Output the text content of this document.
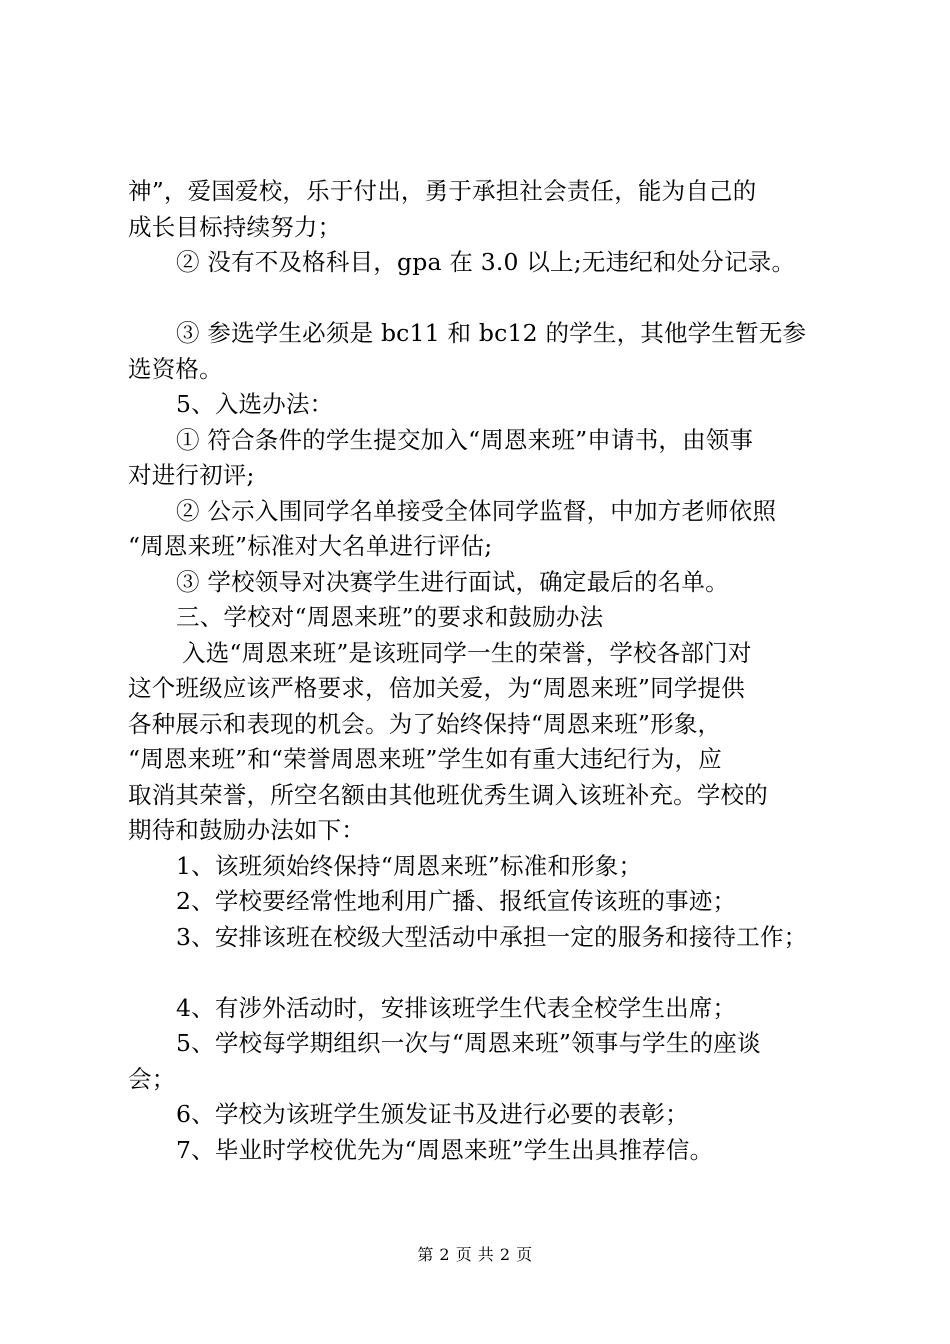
神”，爱国爱校，乐于付出，勇于承担社会责任，能为自己的
成长目标持续努力；
② 没有不及格科目，gpa 在 3.0 以上;无违纪和处分记录。
③ 参选学生必须是 bc11 和 bc12 的学生，其他学生暂无参
选资格。
5、入选办法：
① 符合条件的学生提交加入“周恩来班”申请书，由领事
对进行初评;
② 公示入围同学名单接受全体同学监督，中加方老师依照
“周恩来班”标准对大名单进行评估;
③ 学校领导对决赛学生进行面试，确定最后的名单。
三、学校对“周恩来班”的要求和鼓励办法
入选“周恩来班”是该班同学一生的荣誉，学校各部门对
这个班级应该严格要求，倍加关爱，为“周恩来班”同学提供
各种展示和表现的机会。为了始终保持“周恩来班”形象，
“周恩来班”和“荣誉周恩来班”学生如有重大违纪行为，应
取消其荣誉，所空名额由其他班优秀生调入该班补充。学校的
期待和鼓励办法如下：
1、该班须始终保持“周恩来班”标准和形象；
2、学校要经常性地利用广播、报纸宣传该班的事迹；
3、安排该班在校级大型活动中承担一定的服务和接待工作；
4、有涉外活动时，安排该班学生代表全校学生出席；
5、学校每学期组织一次与“周恩来班”领事与学生的座谈
会；
6、学校为该班学生颁发证书及进行必要的表彰；
7、毕业时学校优先为“周恩来班”学生出具推荐信。
第 2 页 共 2 页
